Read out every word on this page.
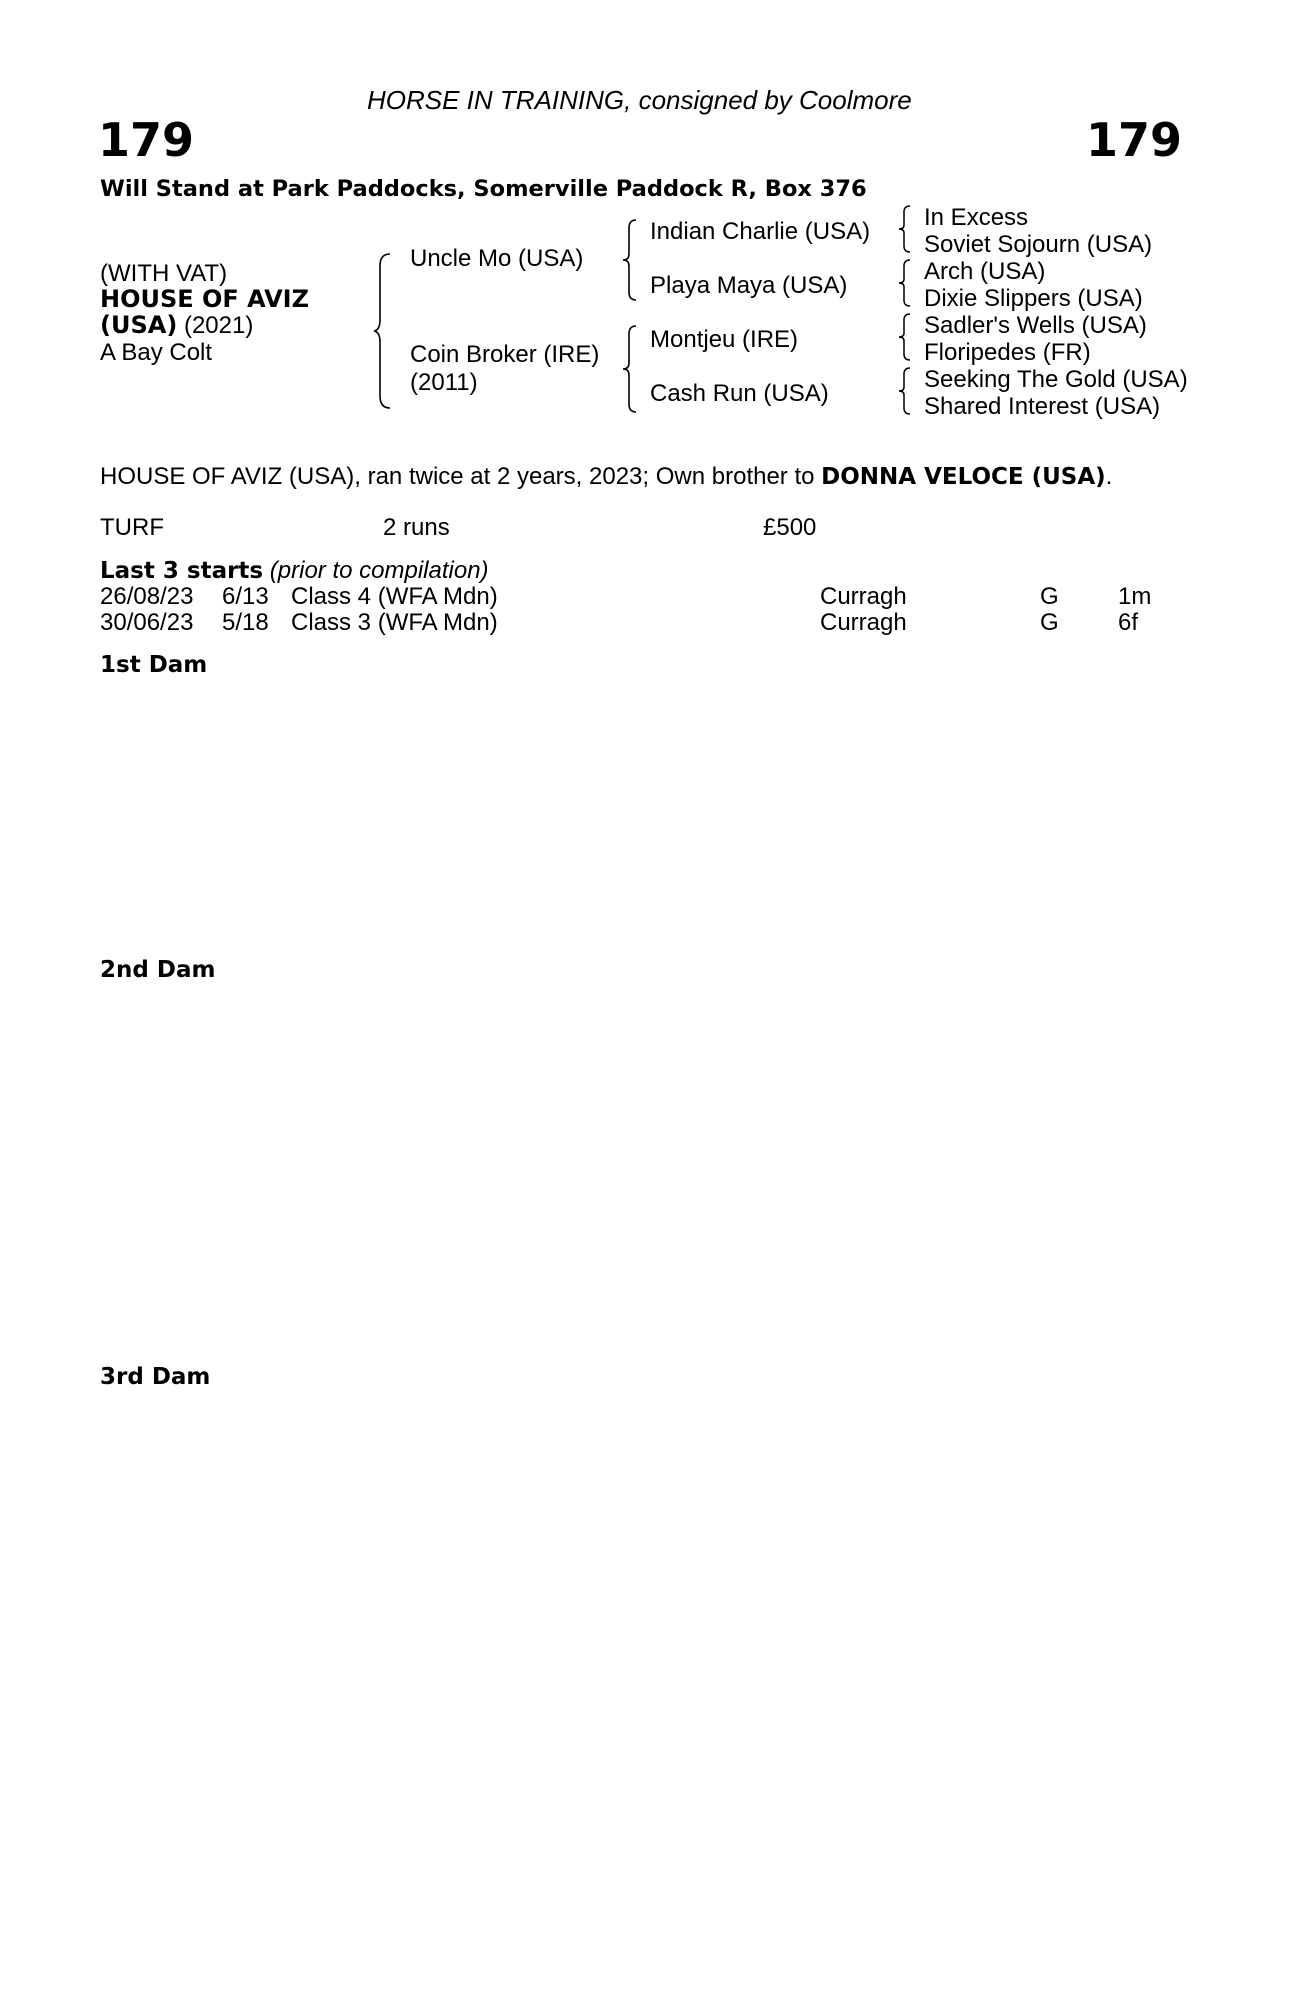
HORSE IN TRAINING, consigned by Coolmore
179	179
Will Stand at Park Paddocks, Somerville Paddock R, Box 376
(WITH VAT)
HOUSE OF AVIZ
(USA) (2021)
A Bay Colt
Uncle Mo (USA)
Coin Broker (IRE)
(2011)
Indian Charlie (USA)
Playa Maya (USA)
Montjeu (IRE)
Cash Run (USA)
In Excess
Soviet Sojourn (USA)
Arch (USA)
Dixie Slippers (USA)
Sadler's Wells (USA)
Floripedes (FR)
Seeking The Gold (USA)
Shared Interest (USA)
HOUSE OF AVIZ (USA), ran twice at 2 years, 2023; Own brother to DONNA VELOCE (USA).
TURF	2 runs	£500
Last 3 starts (prior to compilation)
26/08/23 6/13 Class 4 (WFA Mdn)	Curragh	G 1m
30/06/23 5/18 Class 3 (WFA Mdn)	Curragh	G 6f
1st Dam
2nd Dam
3rd Dam
